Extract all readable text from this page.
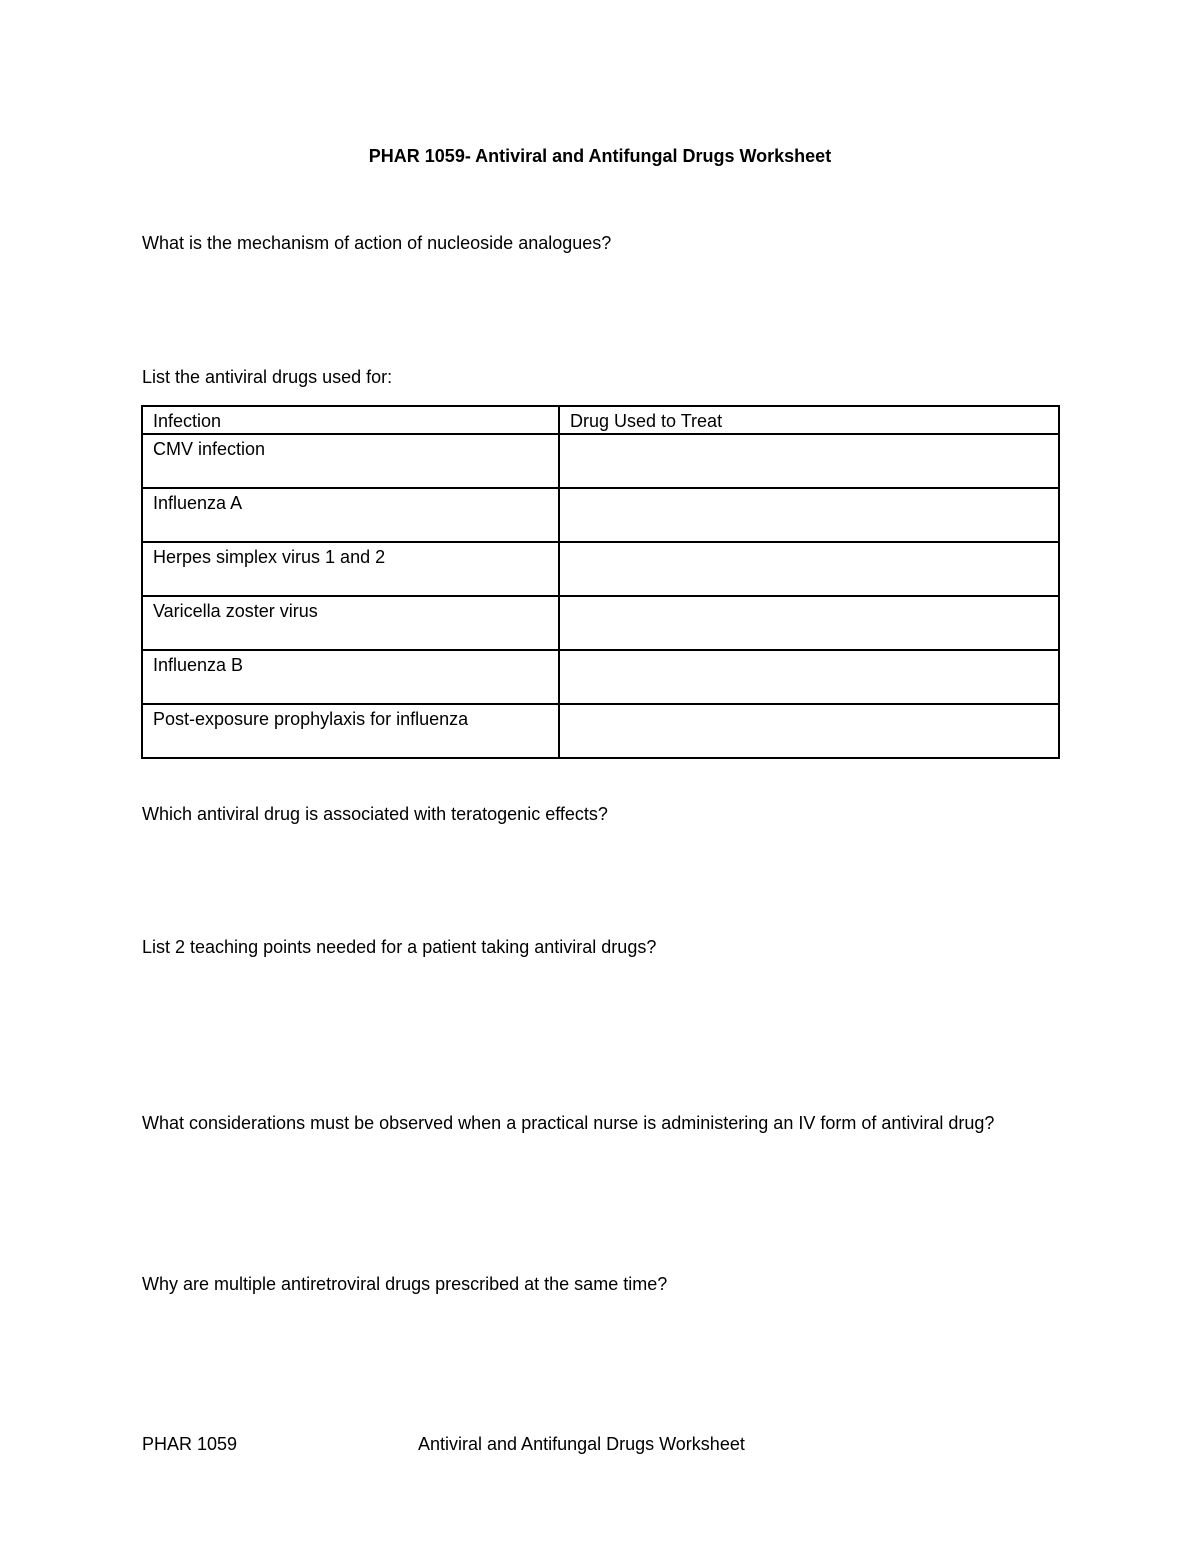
PHAR 1059- Antiviral and Antifungal Drugs Worksheet
What is the mechanism of action of nucleoside analogues?
List the antiviral drugs used for:
Infection	Drug Used to Treat
CMV infection	
Influenza A	
Herpes simplex virus 1 and 2	
Varicella zoster virus	
Influenza B	
Post-exposure prophylaxis for influenza	
Which antiviral drug is associated with teratogenic effects?
List 2 teaching points needed for a patient taking antiviral drugs?
What considerations must be observed when a practical nurse is administering an IV form of antiviral drug?
Why are multiple antiretroviral drugs prescribed at the same time?
PHAR 1059	Antiviral and Antifungal Drugs Worksheet
